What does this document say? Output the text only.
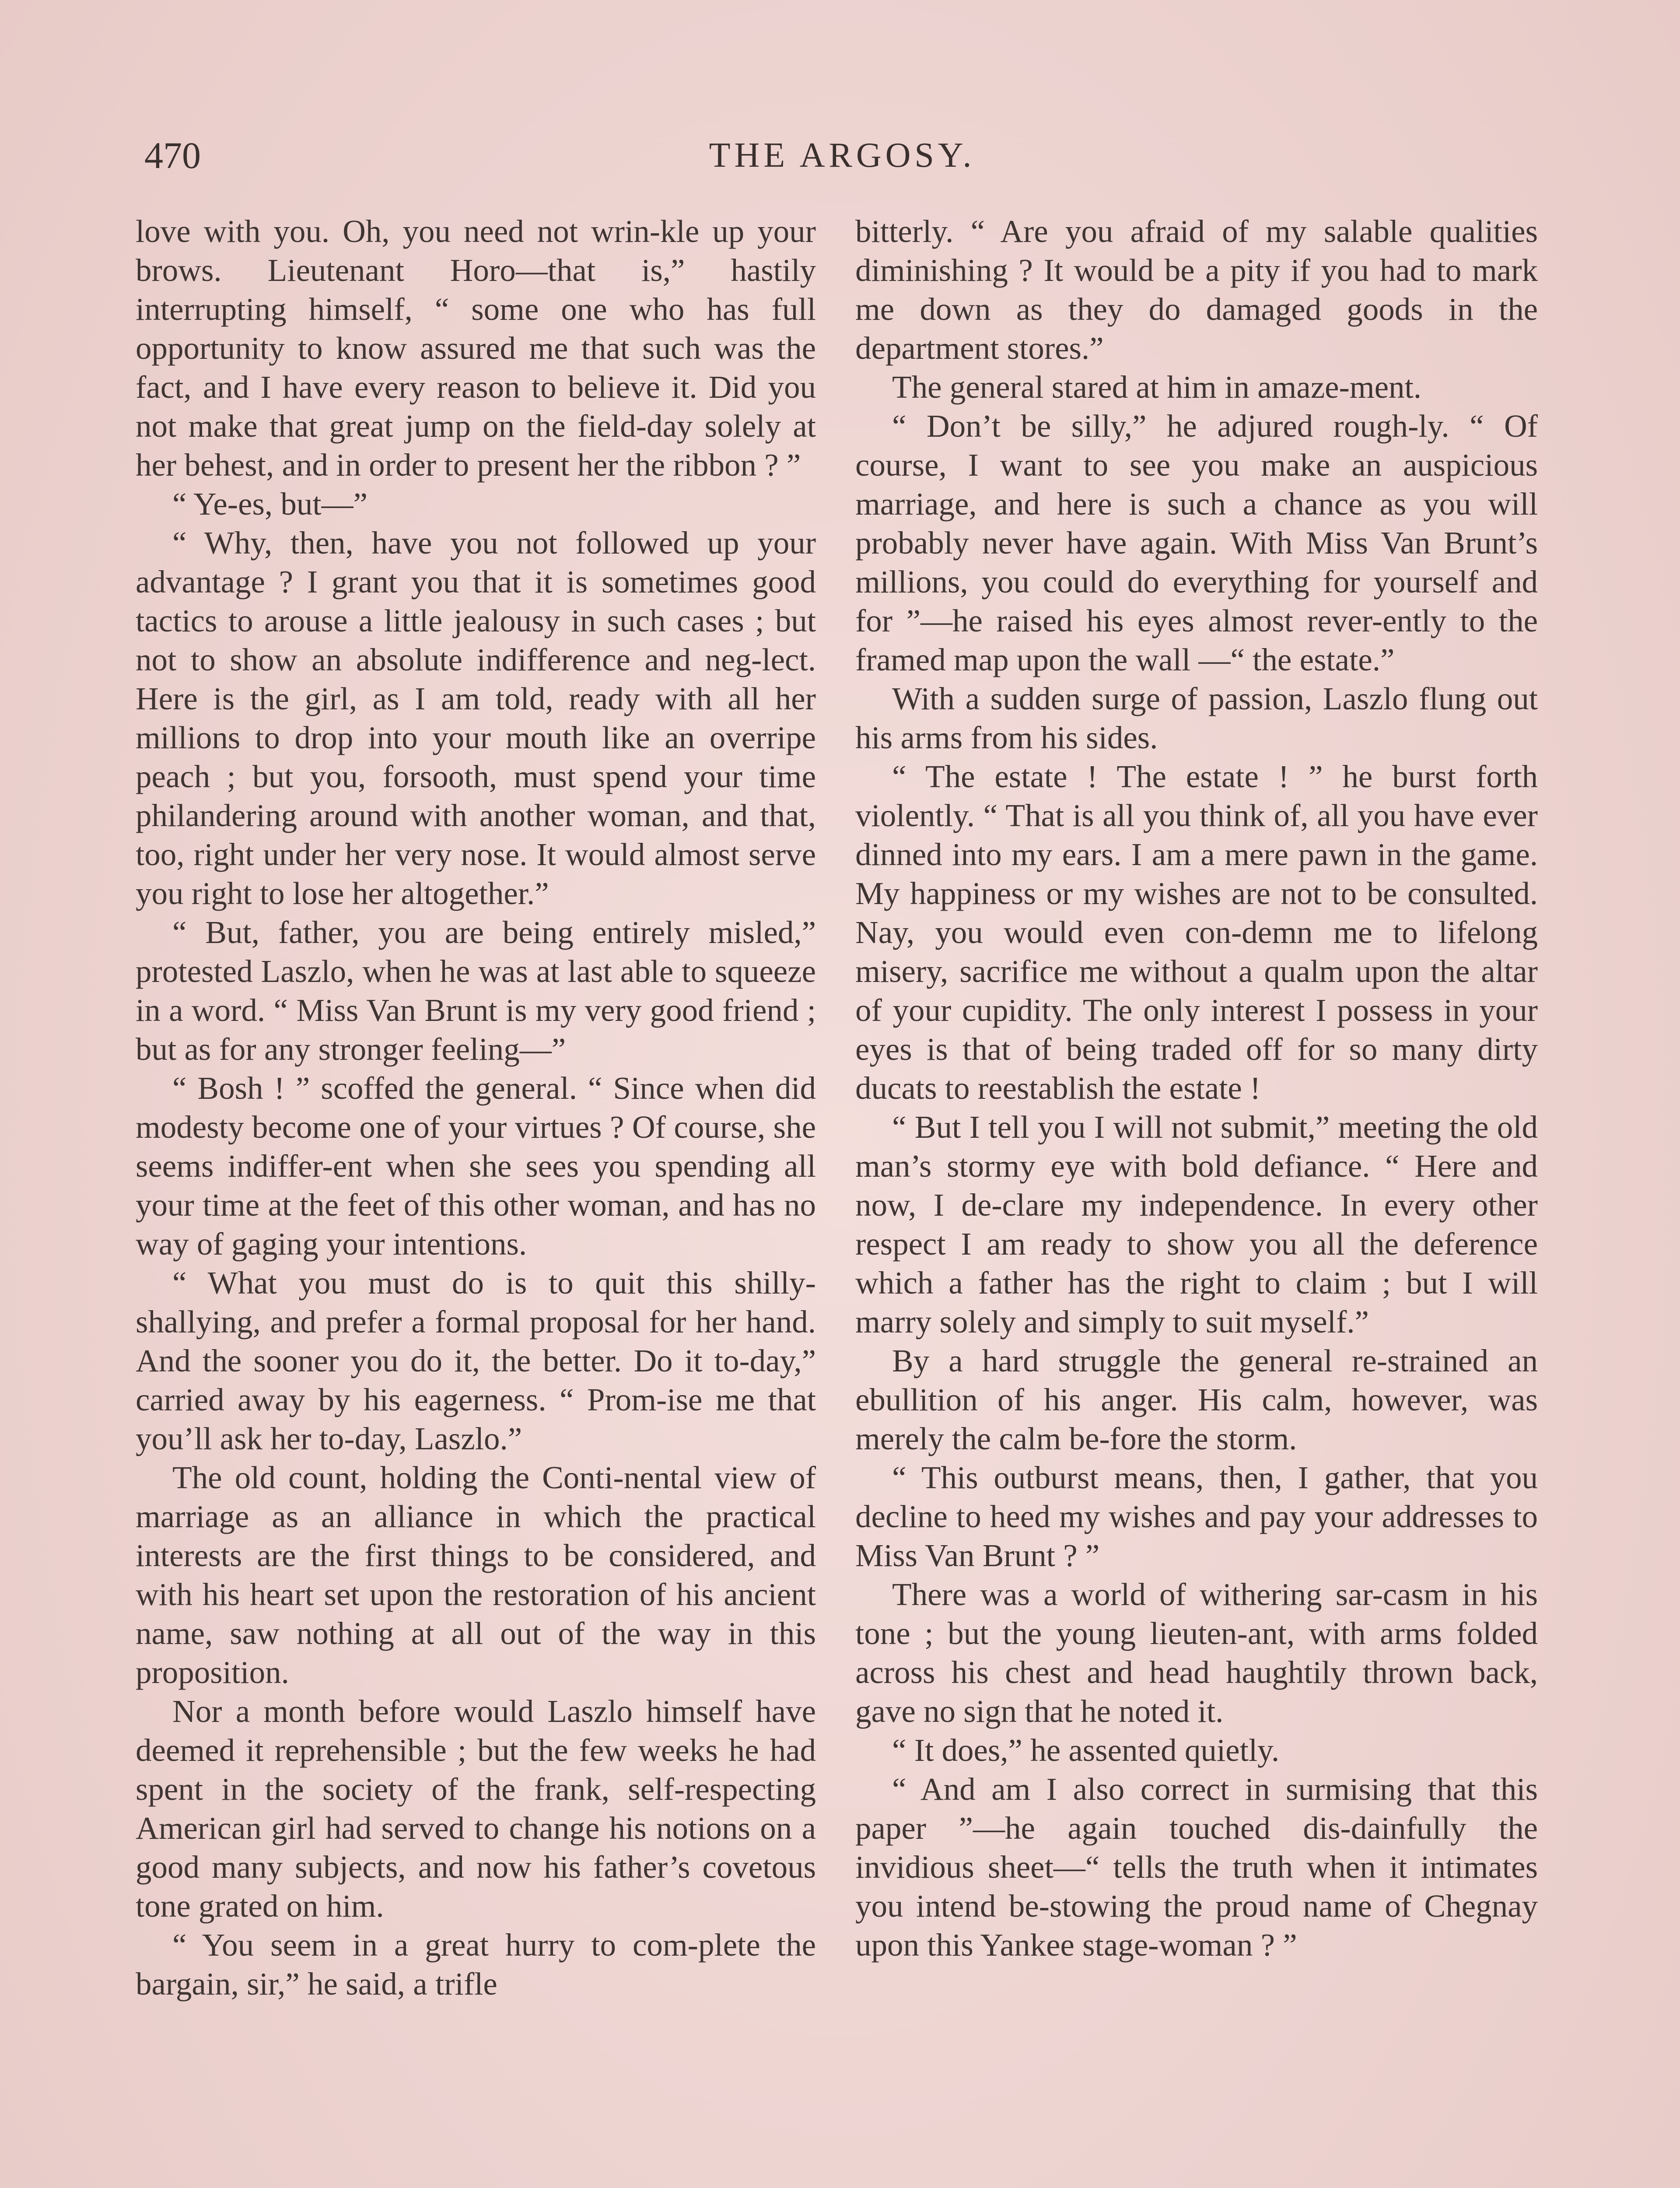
470	THE ARGOSY.

love with you. Oh, you need not wrin-kle up your brows. Lieutenant Horo—that is,” hastily interrupting himself, “ some one who has full opportunity to know assured me that such was the fact, and I have every reason to believe it. Did you not make that great jump on the field-day solely at her behest, and in order to present her the ribbon ? ”

“ Ye-es, but—”

“ Why, then, have you not followed up your advantage ? I grant you that it is sometimes good tactics to arouse a little jealousy in such cases ; but not to show an absolute indifference and neg-lect. Here is the girl, as I am told, ready with all her millions to drop into your mouth like an overripe peach ; but you, forsooth, must spend your time philandering around with another woman, and that, too, right under her very nose. It would almost serve you right to lose her altogether.”

“ But, father, you are being entirely misled,” protested Laszlo, when he was at last able to squeeze in a word. “ Miss Van Brunt is my very good friend ; but as for any stronger feeling—”

“ Bosh ! ” scoffed the general. “ Since when did modesty become one of your virtues ? Of course, she seems indiffer-ent when she sees you spending all your time at the feet of this other woman, and has no way of gaging your intentions.

“ What you must do is to quit this shilly-shallying, and prefer a formal proposal for her hand. And the sooner you do it, the better. Do it to-day,” carried away by his eagerness. “ Prom-ise me that you’ll ask her to-day, Laszlo.”

The old count, holding the Conti-nental view of marriage as an alliance in which the practical interests are the first things to be considered, and with his heart set upon the restoration of his ancient name, saw nothing at all out of the way in this proposition.

Nor a month before would Laszlo himself have deemed it reprehensible ; but the few weeks he had spent in the society of the frank, self-respecting American girl had served to change his notions on a good many subjects, and now his father’s covetous tone grated on him.

“ You seem in a great hurry to com-plete the bargain, sir,” he said, a trifle

bitterly. “ Are you afraid of my salable qualities diminishing ? It would be a pity if you had to mark me down as they do damaged goods in the department stores.”

The general stared at him in amaze-ment.

“ Don’t be silly,” he adjured rough-ly. “ Of course, I want to see you make an auspicious marriage, and here is such a chance as you will probably never have again. With Miss Van Brunt’s millions, you could do everything for yourself and for ”—he raised his eyes almost rever-ently to the framed map upon the wall —“ the estate.”

With a sudden surge of passion, Laszlo flung out his arms from his sides.

“ The estate ! The estate ! ” he burst forth violently. “ That is all you think of, all you have ever dinned into my ears. I am a mere pawn in the game. My happiness or my wishes are not to be consulted. Nay, you would even con-demn me to lifelong misery, sacrifice me without a qualm upon the altar of your cupidity. The only interest I possess in your eyes is that of being traded off for so many dirty ducats to reestablish the estate !

“ But I tell you I will not submit,” meeting the old man’s stormy eye with bold defiance. “ Here and now, I de-clare my independence. In every other respect I am ready to show you all the deference which a father has the right to claim ; but I will marry solely and simply to suit myself.”

By a hard struggle the general re-strained an ebullition of his anger. His calm, however, was merely the calm be-fore the storm.

“ This outburst means, then, I gather, that you decline to heed my wishes and pay your addresses to Miss Van Brunt ? ”

There was a world of withering sar-casm in his tone ; but the young lieuten-ant, with arms folded across his chest and head haughtily thrown back, gave no sign that he noted it.

“ It does,” he assented quietly.

“ And am I also correct in surmising that this paper ”—he again touched dis-dainfully the invidious sheet—“ tells the truth when it intimates you intend be-stowing the proud name of Chegnay upon this Yankee stage-woman ? ”
